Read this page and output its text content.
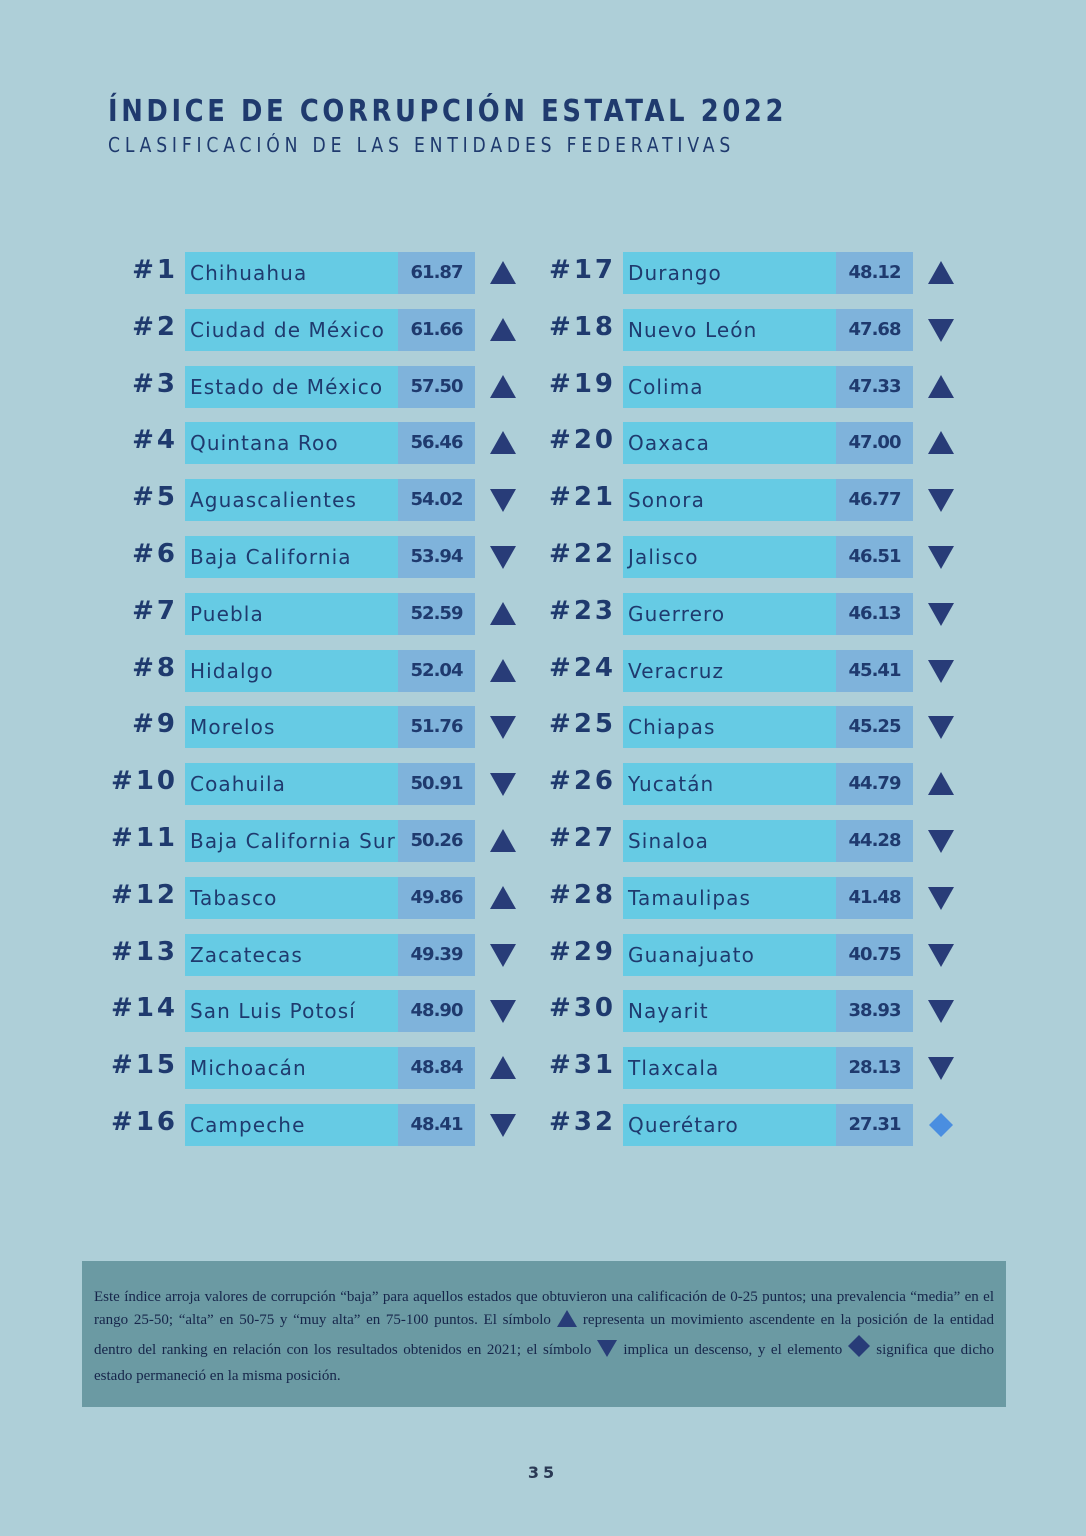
ÍNDICE DE CORRUPCIÓN ESTATAL 2022
CLASIFICACIÓN DE LAS ENTIDADES FEDERATIVAS
#1 Chihuahua	61.87
#2 Ciudad de México	61.66
#3 Estado de México	57.50
#4 Quintana Roo	56.46
#5 Aguascalientes	54.02
#6 Baja California	53.94
#7 Puebla	52.59
#8 Hidalgo	52.04
#9 Morelos	51.76
#10 Coahuila	50.91
#11 Baja California Sur 50.26
#12 Tabasco	49.86
#13 Zacatecas	49.39
#14 San Luis Potosí	48.90
#15 Michoacán	48.84
#16 Campeche	48.41
#17 Durango	48.12
#18 Nuevo León	47.68
#19 Colima	47.33
#20 Oaxaca	47.00
#21 Sonora	46.77
#22 Jalisco	46.51
#23 Guerrero	46.13
#24 Veracruz	45.41
#25 Chiapas	45.25
#26 Yucatán	44.79
#27 Sinaloa	44.28
#28 Tamaulipas	41.48
#29 Guanajuato	40.75
#30 Nayarit	38.93
#31 Tlaxcala	28.13
#32 Querétaro	27.31
Este índice arroja valores de corrupción “baja” para aquellos estados que obtuvieron una calificación de 0-25 puntos; una prevalencia “media” en el rango 25-50; “alta” en 50-75 y “muy alta” en 75-100 puntos. El símbolo representa un movimiento ascendente en la posición de la entidad dentro del ranking en relación con los resultados obtenidos en 2021; el símbolo implica un descenso, y el elemento significa que dicho estado permaneció en la misma posición.
35
